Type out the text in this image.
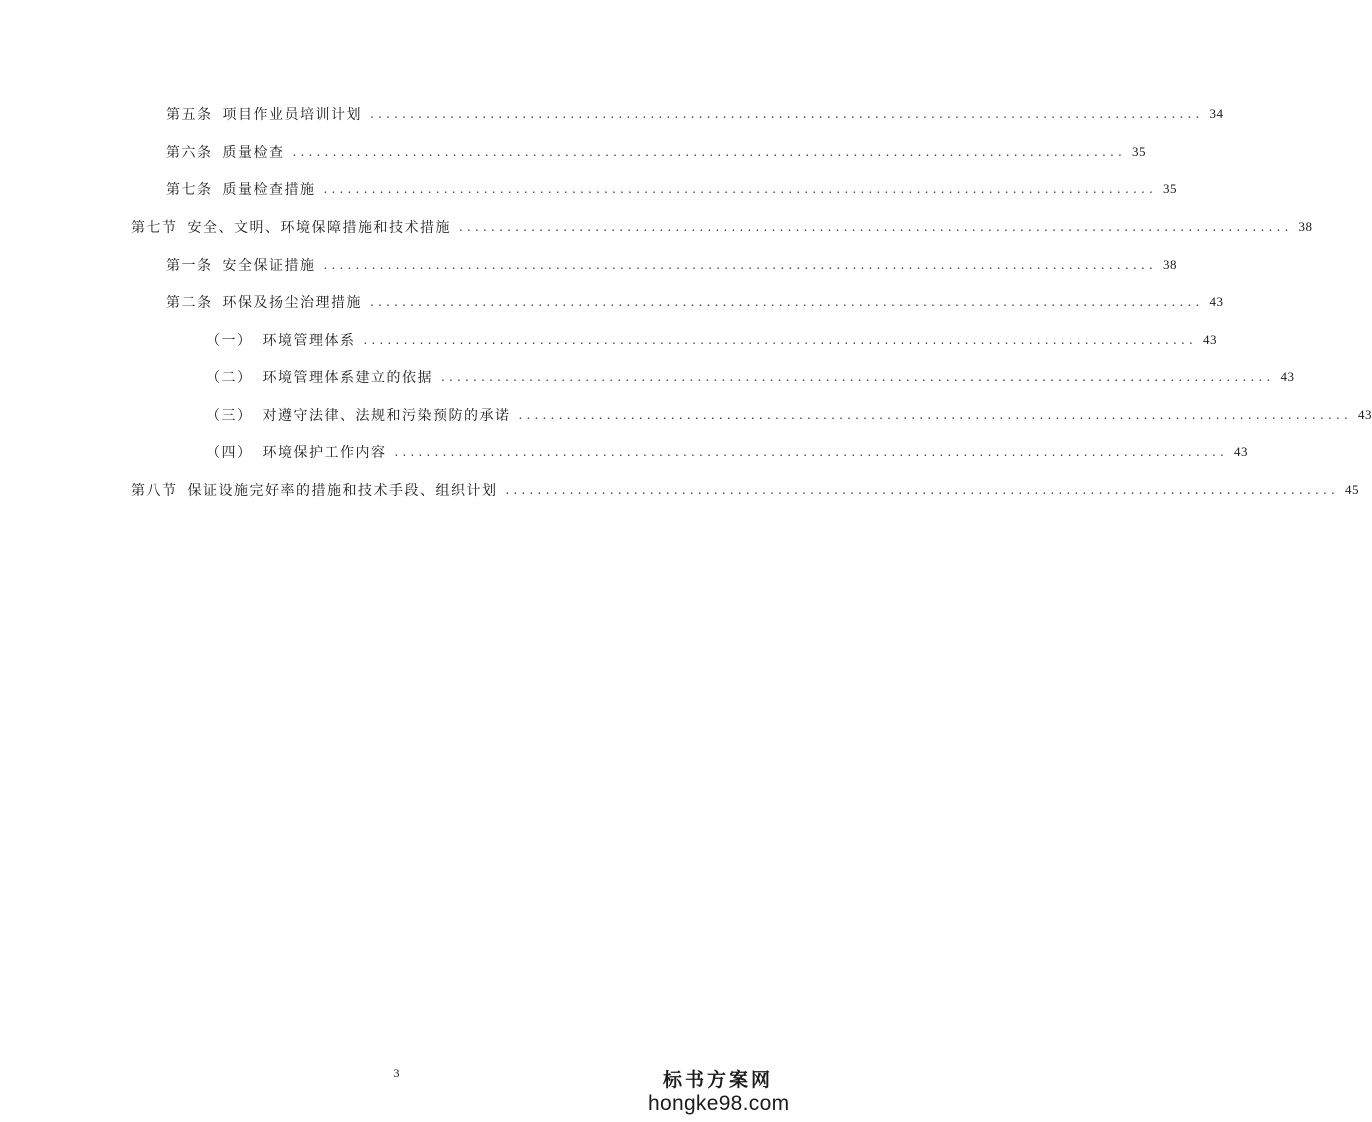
第五条 项目作业员培训计划 ........................................................................................................ 34
第六条 质量检查 ........................................................................................................ 35
第七条 质量检查措施 ........................................................................................................ 35
第七节 安全、文明、环境保障措施和技术措施 ........................................................................................................ 38
第一条 安全保证措施 ........................................................................................................ 38
第二条 环保及扬尘治理措施 ........................................................................................................ 43
（一） 环境管理体系 ........................................................................................................ 43
（二） 环境管理体系建立的依据 ........................................................................................................ 43
（三） 对遵守法律、法规和污染预防的承诺 ........................................................................................................ 43
（四） 环境保护工作内容 ........................................................................................................ 43
第八节 保证设施完好率的措施和技术手段、组织计划 ........................................................................................................ 45
3	标书方案网
hongke98.com
